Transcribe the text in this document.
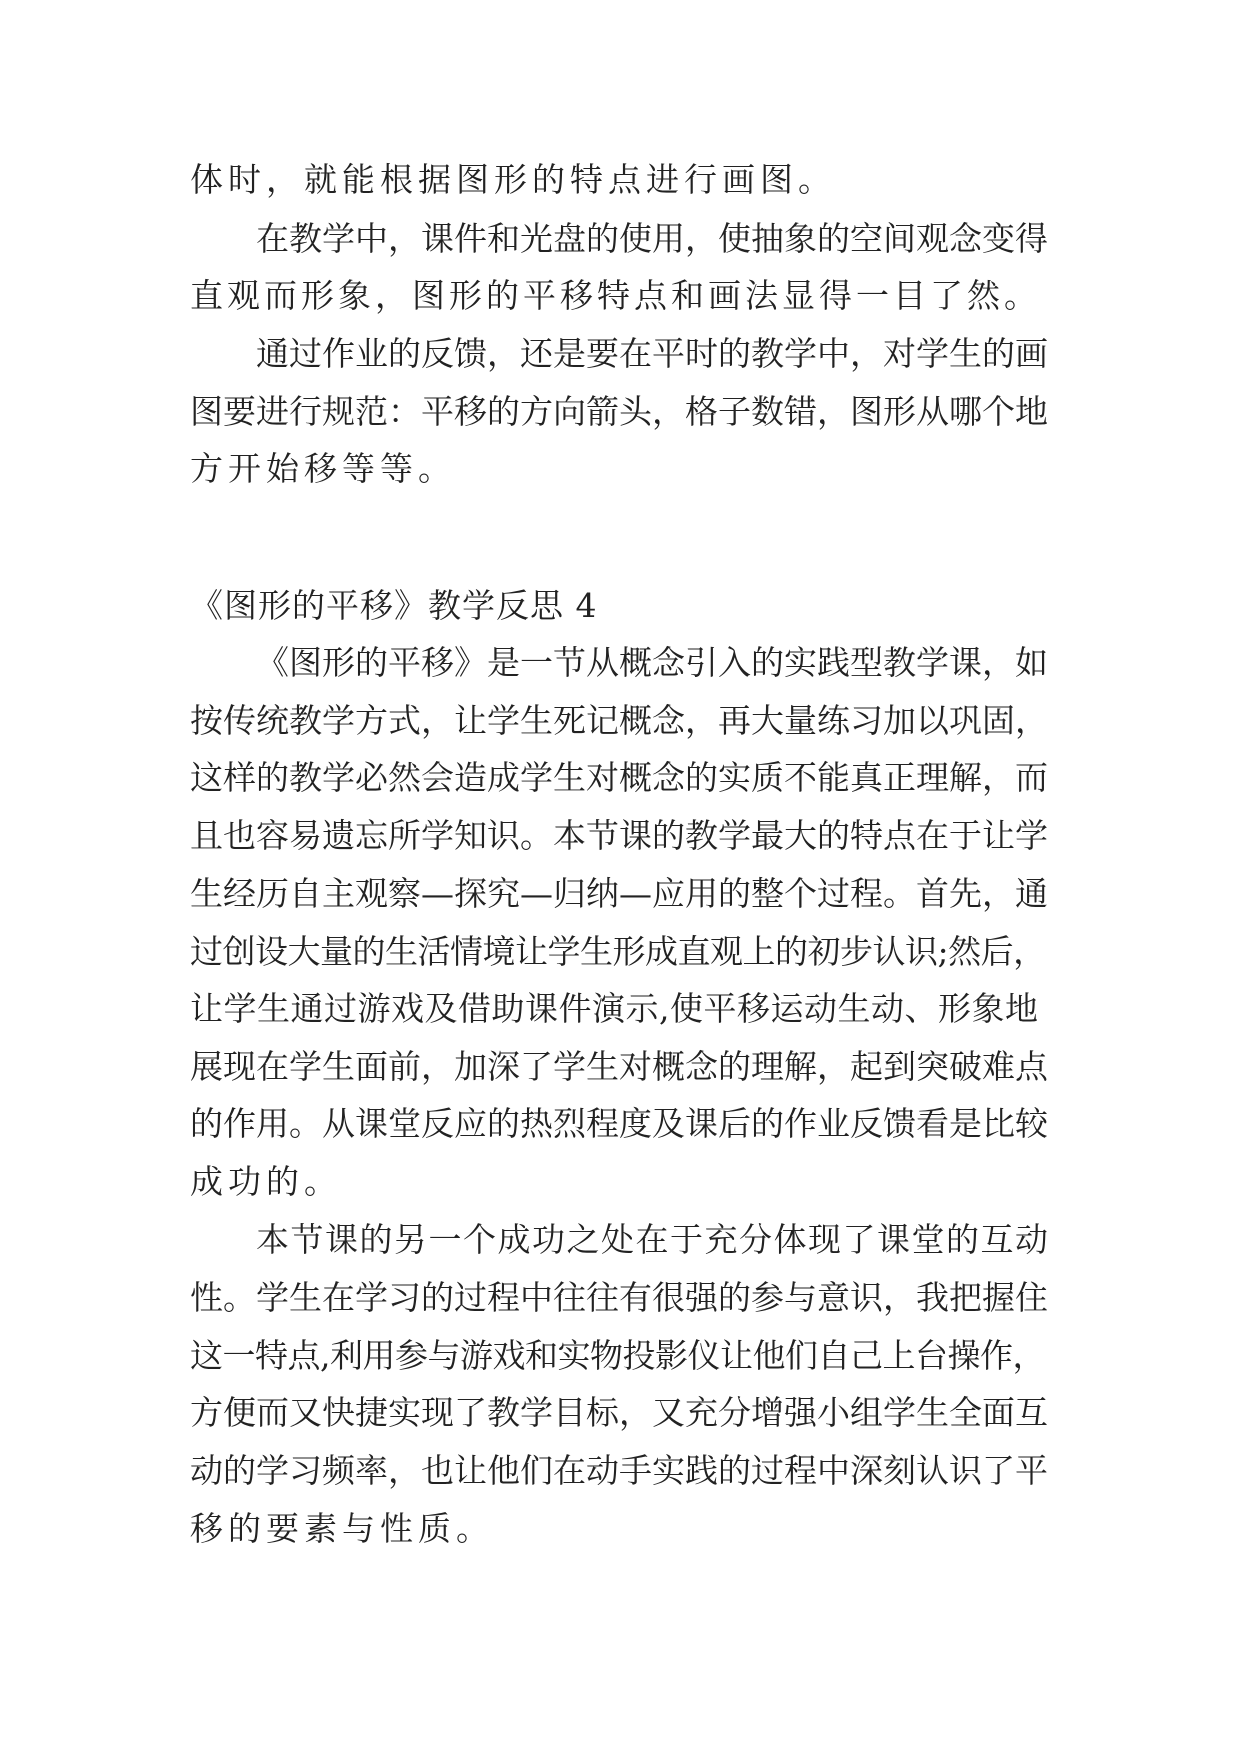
体时，就能根据图形的特点进行画图。
在教学中，课件和光盘的使用，使抽象的空间观念变得
直观而形象，图形的平移特点和画法显得一目了然。
通过作业的反馈，还是要在平时的教学中，对学生的画
图要进行规范：平移的方向箭头，格子数错，图形从哪个地
方开始移等等。
《图形的平移》教学反思 4
《图形的平移》是一节从概念引入的实践型教学课，如
按传统教学方式，让学生死记概念，再大量练习加以巩固，
这样的教学必然会造成学生对概念的实质不能真正理解，而
且也容易遗忘所学知识。本节课的教学最大的特点在于让学
生经历自主观察—探究—归纳—应用的整个过程。首先，通
过创设大量的生活情境让学生形成直观上的初步认识;然后，
让学生通过游戏及借助课件演示,使平移运动生动、形象地
展现在学生面前，加深了学生对概念的理解，起到突破难点
的作用。从课堂反应的热烈程度及课后的作业反馈看是比较
成功的。
本节课的另一个成功之处在于充分体现了课堂的互动
性。学生在学习的过程中往往有很强的参与意识，我把握住
这一特点,利用参与游戏和实物投影仪让他们自己上台操作，
方便而又快捷实现了教学目标，又充分增强小组学生全面互
动的学习频率，也让他们在动手实践的过程中深刻认识了平
移的要素与性质。
